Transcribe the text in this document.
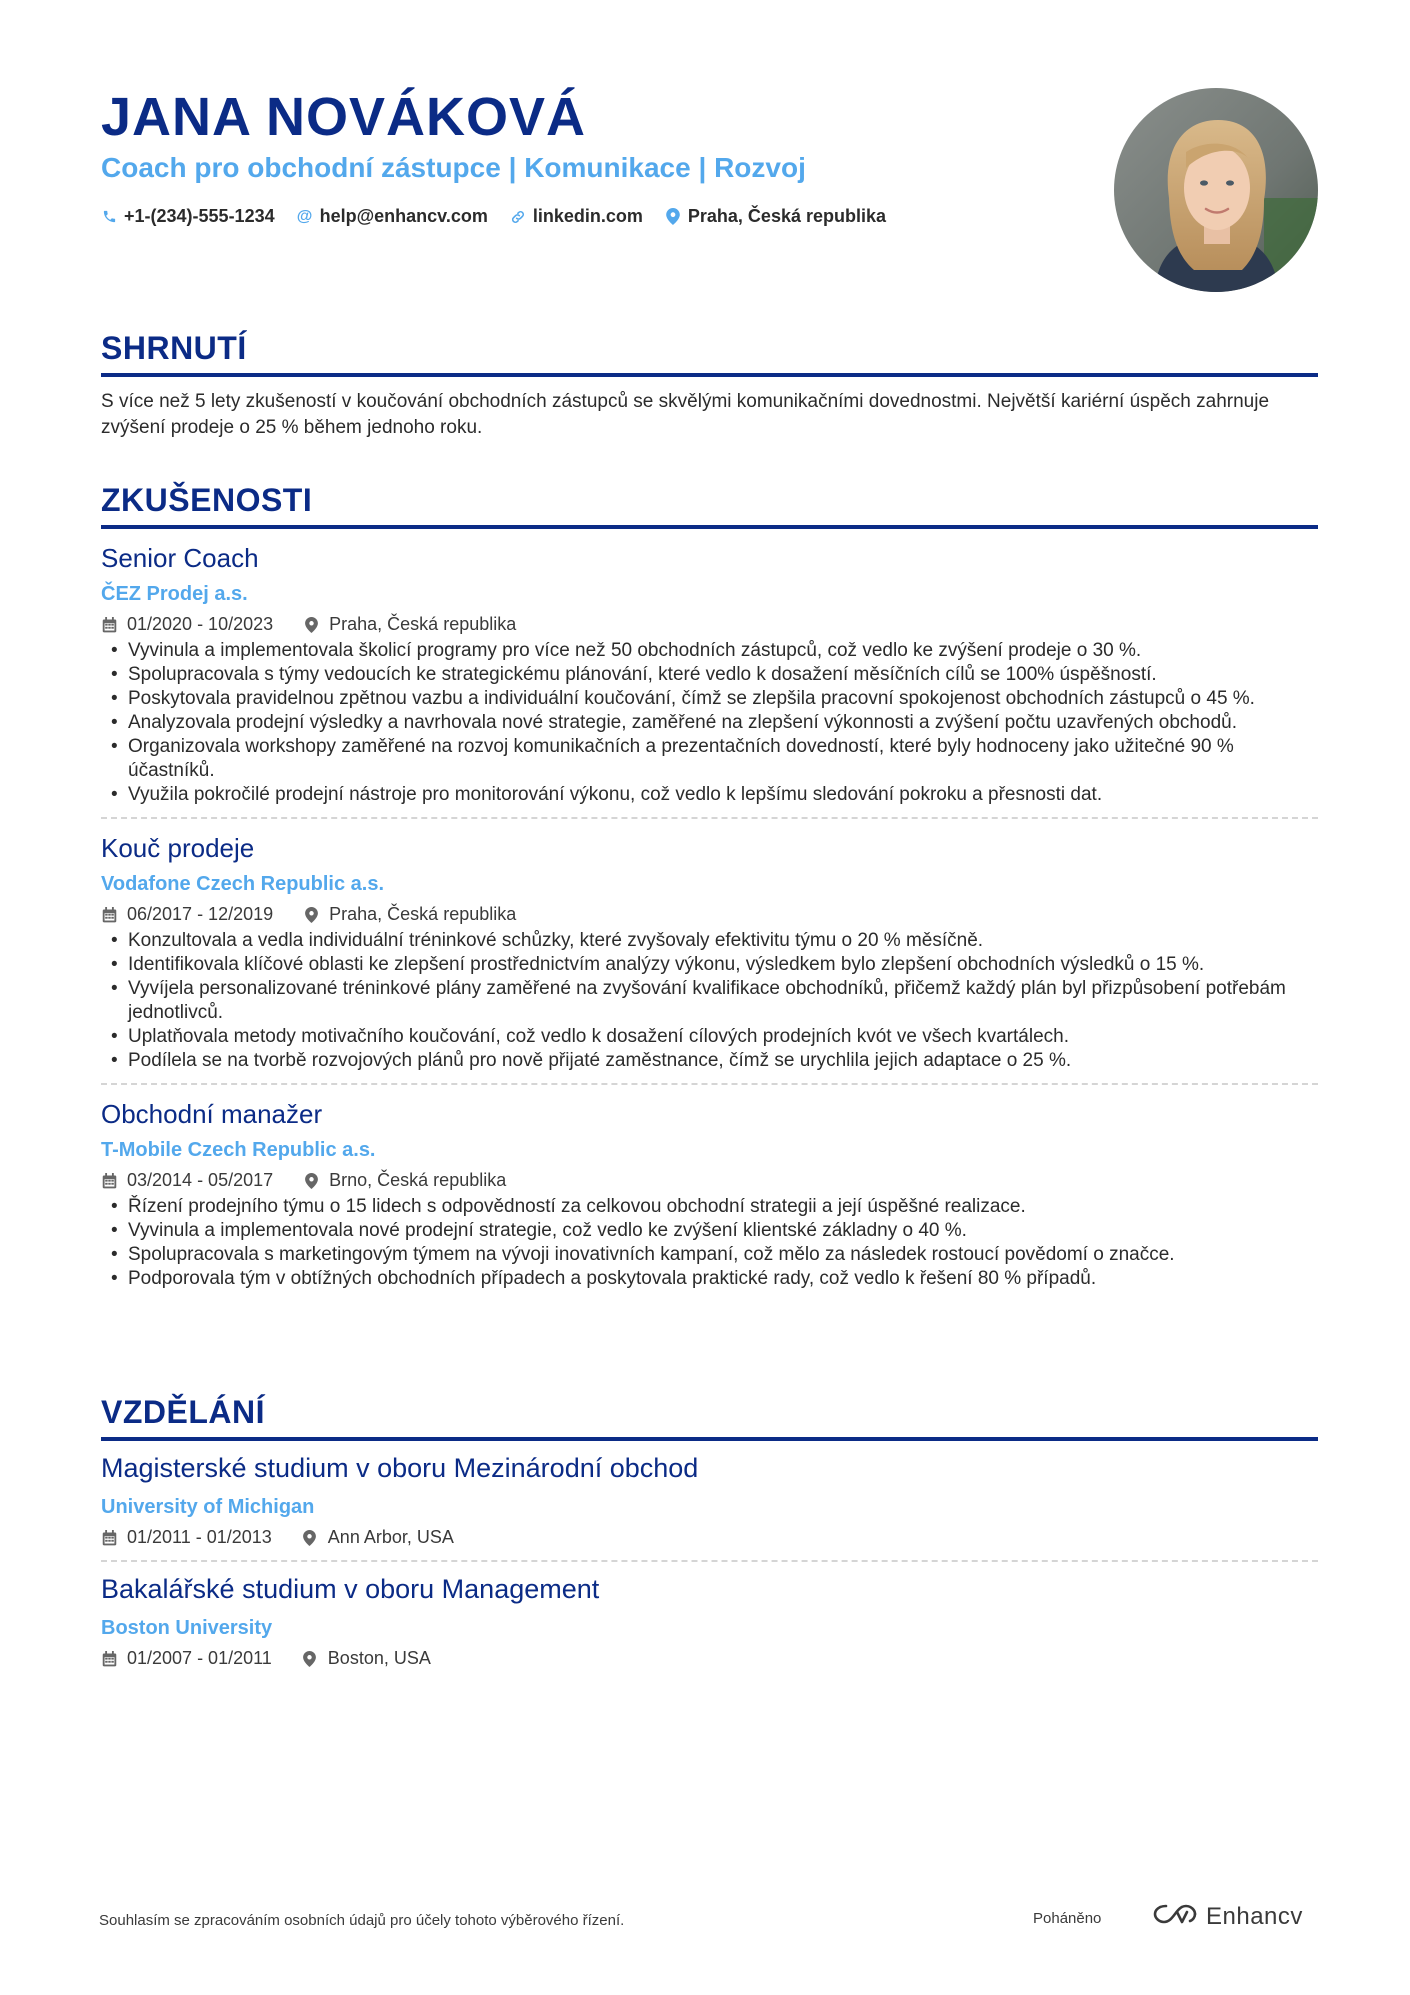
JANA NOVÁKOVÁ
Coach pro obchodní zástupce | Komunikace | Rozvoj
+1-(234)-555-1234 @ help@enhancv.com	linkedin.com	Praha, Česká republika
SHRNUTÍ

S více než 5 lety zkušeností v koučování obchodních zástupců se skvělými komunikačními dovednostmi. Největší kariérní úspěch zahrnuje zvýšení prodeje o 25 % během jednoho roku.

ZKUŠENOSTI
Senior Coach
ČEZ Prodej a.s.
01/2020 - 10/2023	Praha, Česká republika
• Vyvinula a implementovala školicí programy pro více než 50 obchodních zástupců, což vedlo ke zvýšení prodeje o 30 %.
• Spolupracovala s týmy vedoucích ke strategickému plánování, které vedlo k dosažení měsíčních cílů se 100% úspěšností.
• Poskytovala pravidelnou zpětnou vazbu a individuální koučování, čímž se zlepšila pracovní spokojenost obchodních zástupců o 45 %.
• Analyzovala prodejní výsledky a navrhovala nové strategie, zaměřené na zlepšení výkonnosti a zvýšení počtu uzavřených obchodů.
• Organizovala workshopy zaměřené na rozvoj komunikačních a prezentačních dovedností, které byly hodnoceny jako užitečné 90 % účastníků.
• Využila pokročilé prodejní nástroje pro monitorování výkonu, což vedlo k lepšímu sledování pokroku a přesnosti dat.
Kouč prodeje
Vodafone Czech Republic a.s.
06/2017 - 12/2019	Praha, Česká republika
• Konzultovala a vedla individuální tréninkové schůzky, které zvyšovaly efektivitu týmu o 20 % měsíčně.
• Identifikovala klíčové oblasti ke zlepšení prostřednictvím analýzy výkonu, výsledkem bylo zlepšení obchodních výsledků o 15 %.
• Vyvíjela personalizované tréninkové plány zaměřené na zvyšování kvalifikace obchodníků, přičemž každý plán byl přizpůsobení potřebám jednotlivců.
• Uplatňovala metody motivačního koučování, což vedlo k dosažení cílových prodejních kvót ve všech kvartálech.
• Podílela se na tvorbě rozvojových plánů pro nově přijaté zaměstnance, čímž se urychlila jejich adaptace o 25 %.
Obchodní manažer
T-Mobile Czech Republic a.s.
03/2014 - 05/2017	Brno, Česká republika
• Řízení prodejního týmu o 15 lidech s odpovědností za celkovou obchodní strategii a její úspěšné realizace.
• Vyvinula a implementovala nové prodejní strategie, což vedlo ke zvýšení klientské základny o 40 %.
• Spolupracovala s marketingovým týmem na vývoji inovativních kampaní, což mělo za následek rostoucí povědomí o značce.
• Podporovala tým v obtížných obchodních případech a poskytovala praktické rady, což vedlo k řešení 80 % případů.
VZDĚLÁNÍ
Magisterské studium v oboru Mezinárodní obchod
University of Michigan
01/2011 - 01/2013	Ann Arbor, USA
Bakalářské studium v oboru Management
Boston University
01/2007 - 01/2011	Boston, USA
Souhlasím se zpracováním osobních údajů pro účely tohoto výběrového řízení.	Poháněno	Enhancv
